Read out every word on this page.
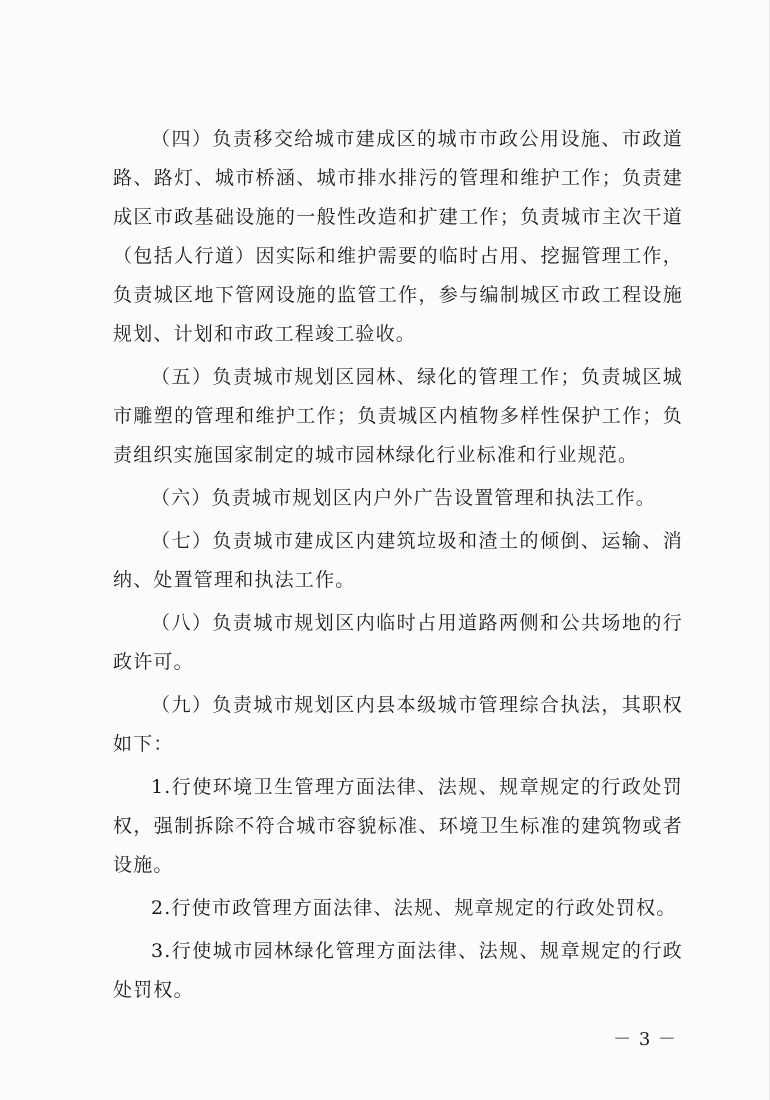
（四）负责移交给城市建成区的城市市政公用设施、市政道路、路灯、城市桥涵、城市排水排污的管理和维护工作；负责建成区市政基础设施的一般性改造和扩建工作；负责城市主次干道（包括人行道）因实际和维护需要的临时占用、挖掘管理工作，负责城区地下管网设施的监管工作，参与编制城区市政工程设施规划、计划和市政工程竣工验收。

（五）负责城市规划区园林、绿化的管理工作；负责城区城市雕塑的管理和维护工作；负责城区内植物多样性保护工作；负责组织实施国家制定的城市园林绿化行业标准和行业规范。

（六）负责城市规划区内户外广告设置管理和执法工作。

（七）负责城市建成区内建筑垃圾和渣土的倾倒、运输、消纳、处置管理和执法工作。

（八）负责城市规划区内临时占用道路两侧和公共场地的行政许可。

（九）负责城市规划区内县本级城市管理综合执法，其职权如下：

1.行使环境卫生管理方面法律、法规、规章规定的行政处罚权，强制拆除不符合城市容貌标准、环境卫生标准的建筑物或者设施。

2.行使市政管理方面法律、法规、规章规定的行政处罚权。

3.行使城市园林绿化管理方面法律、法规、规章规定的行政处罚权。

－ 3 －
